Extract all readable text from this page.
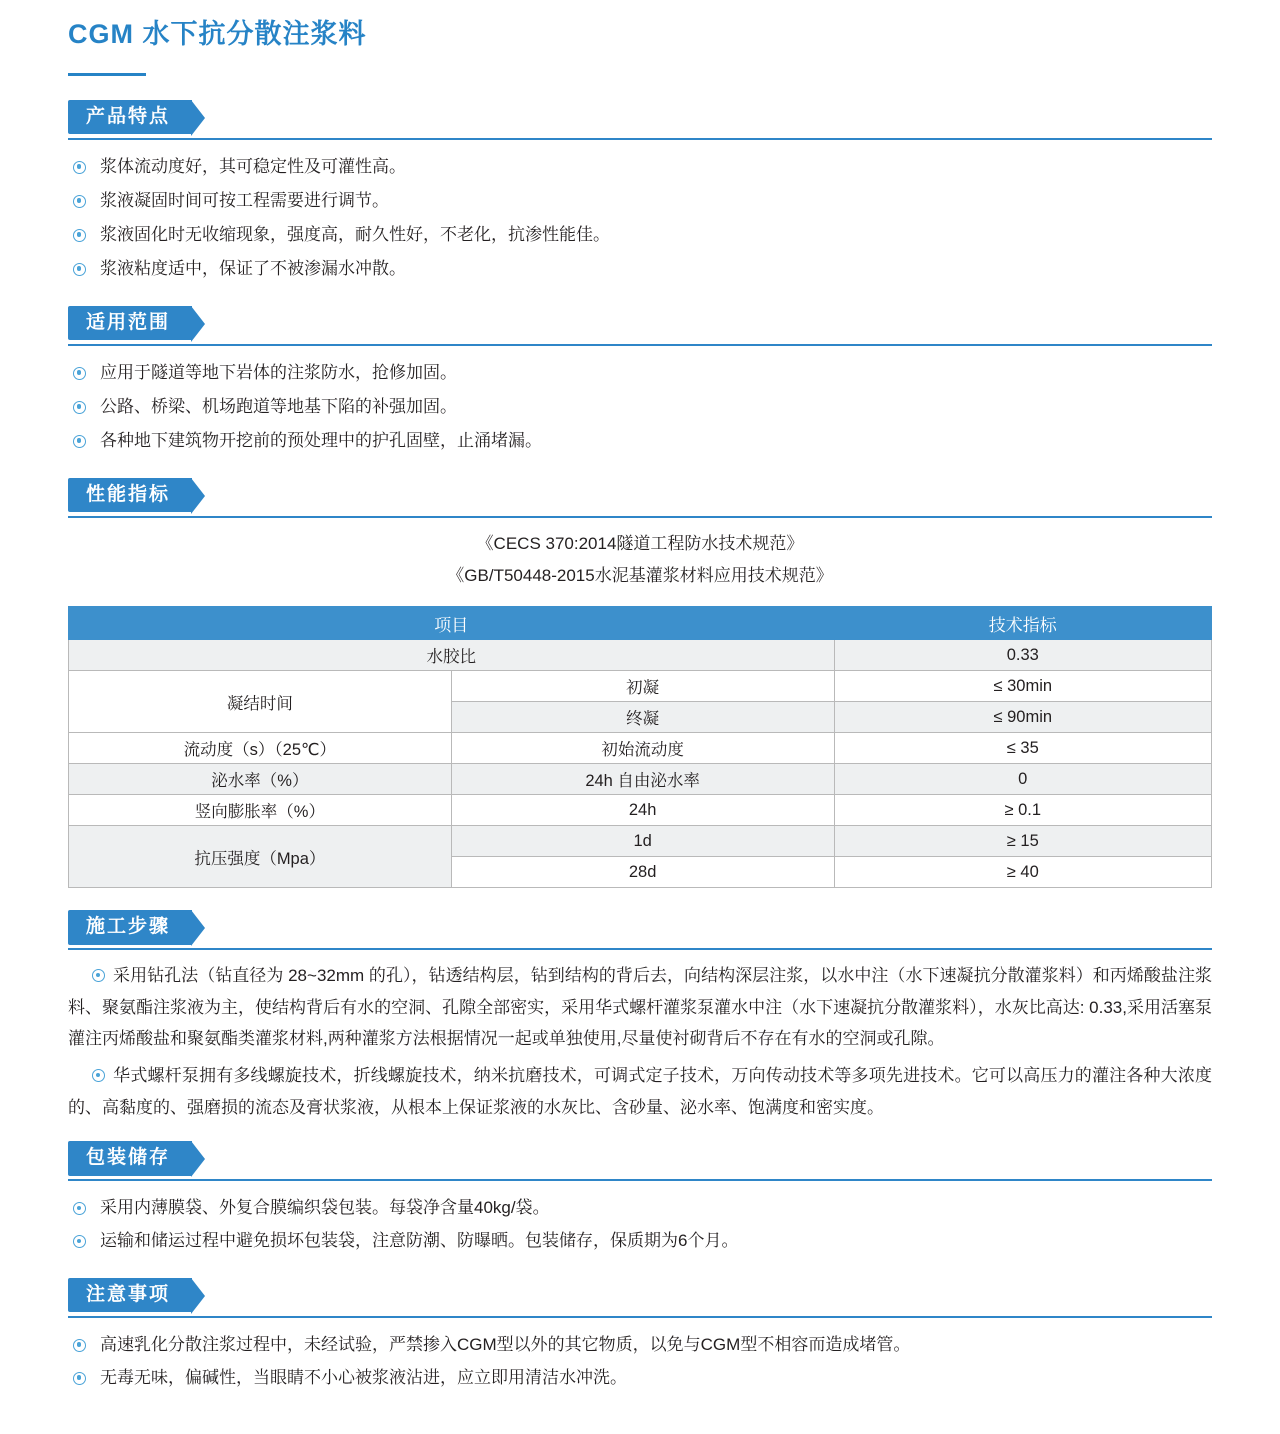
CGM 水下抗分散注浆料
产品特点
浆体流动度好，其可稳定性及可灌性高。
浆液凝固时间可按工程需要进行调节。
浆液固化时无收缩现象，强度高，耐久性好，不老化，抗渗性能佳。
浆液粘度适中，保证了不被渗漏水冲散。
适用范围
应用于隧道等地下岩体的注浆防水，抢修加固。
公路、桥梁、机场跑道等地基下陷的补强加固。
各种地下建筑物开挖前的预处理中的护孔固壁，止涌堵漏。
性能指标
《CECS 370:2014隧道工程防水技术规范》
《GB/T50448-2015水泥基灌浆材料应用技术规范》
项目		技术指标
水胶比		0.33
凝结时间	初凝	≤ 30min
	终凝	≤ 90min
流动度（s）（25℃）	初始流动度	≤ 35
泌水率（%）	24h 自由泌水率	0
竖向膨胀率（%）	24h	≥ 0.1
抗压强度（Mpa）	1d	≥ 15
	28d	≥ 40
施工步骤

采用钻孔法（钻直径为 28~32mm 的孔），钻透结构层，钻到结构的背后去，向结构深层注浆，以水中注（水下速凝抗分散灌浆料）和丙烯酸盐注浆料、聚氨酯注浆液为主，使结构背后有水的空洞、孔隙全部密实，采用华式螺杆灌浆泵灌水中注（水下速凝抗分散灌浆料），水灰比高达: 0.33,采用活塞泵灌注丙烯酸盐和聚氨酯类灌浆材料,两种灌浆方法根据情况一起或单独使用,尽量使衬砌背后不存在有水的空洞或孔隙。

华式螺杆泵拥有多线螺旋技术，折线螺旋技术，纳米抗磨技术，可调式定子技术，万向传动技术等多项先进技术。它可以高压力的灌注各种大浓度的、高黏度的、强磨损的流态及膏状浆液，从根本上保证浆液的水灰比、含砂量、泌水率、饱满度和密实度。

包装储存
采用内薄膜袋、外复合膜编织袋包装。每袋净含量40kg/袋。
运输和储运过程中避免损坏包装袋，注意防潮、防曝晒。包装储存，保质期为6个月。
注意事项
高速乳化分散注浆过程中，未经试验，严禁掺入CGM型以外的其它物质，以免与CGM型不相容而造成堵管。
无毒无味，偏碱性，当眼睛不小心被浆液沾进，应立即用清洁水冲洗。
